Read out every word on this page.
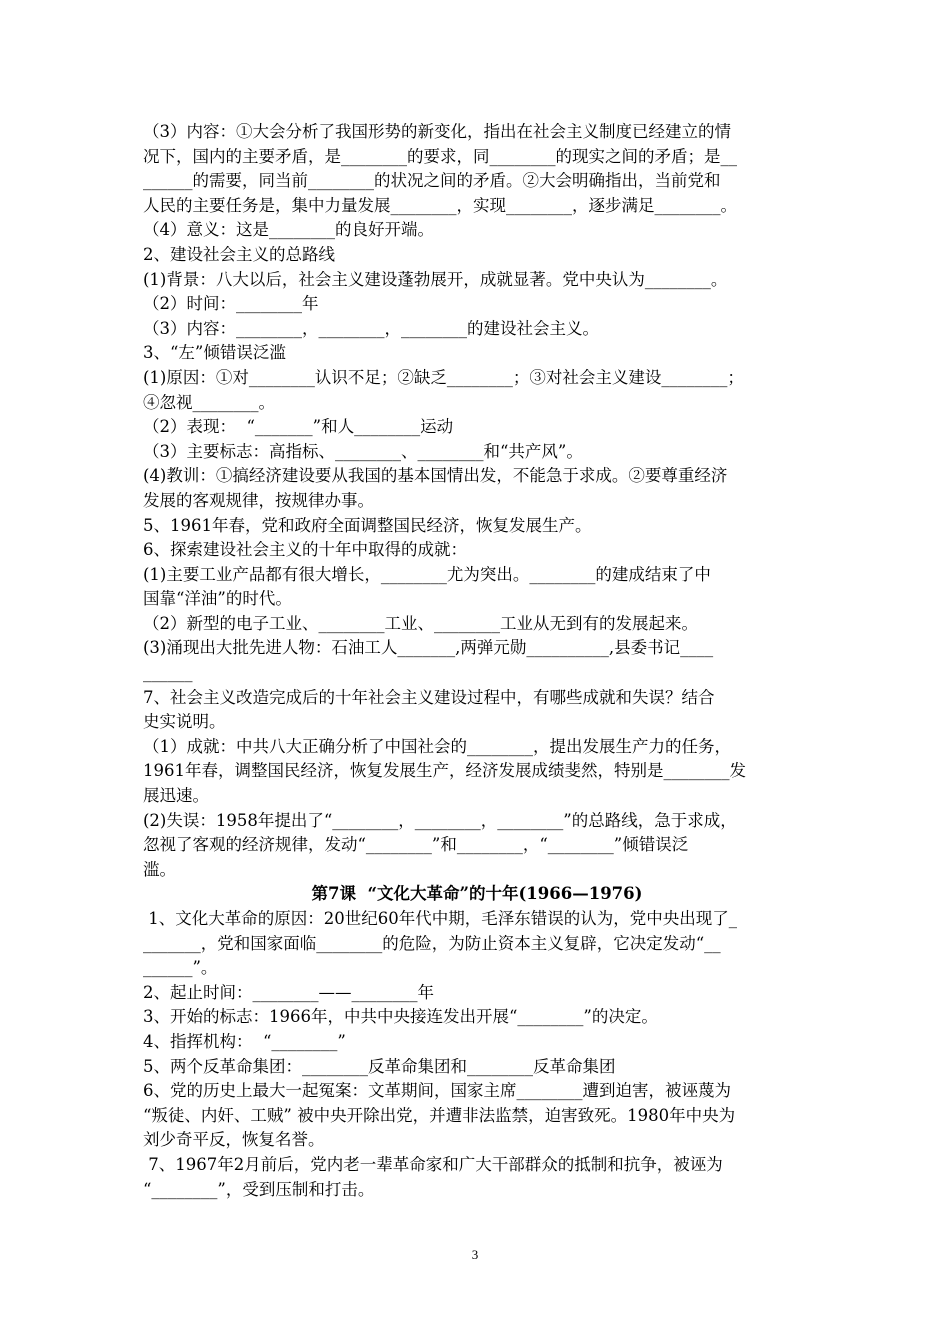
（3）内容：①大会分析了我国形势的新变化，指出在社会主义制度已经建立的情
况下，国内的主要矛盾，是________的要求，同________的现实之间的矛盾；是__
______的需要，同当前________的状况之间的矛盾。②大会明确指出，当前党和
人民的主要任务是，集中力量发展________，实现________，逐步满足________。
（4）意义：这是________的良好开端。
2、建设社会主义的总路线
(1)背景：八大以后，社会主义建设蓬勃展开，成就显著。党中央认为________。
（2）时间：________年
（3）内容：________，________，________的建设社会主义。
3、“左”倾错误泛滥
(1)原因：①对________认识不足；②缺乏________；③对社会主义建设________；
④忽视________。
（2）表现：  “_______”和人________运动
（3）主要标志：高指标、________、________和“共产风”。
(4)教训：①搞经济建设要从我国的基本国情出发，不能急于求成。②要尊重经济
发展的客观规律，按规律办事。
5、1961年春，党和政府全面调整国民经济，恢复发展生产。
6、探索建设社会主义的十年中取得的成就：
(1)主要工业产品都有很大增长，________尤为突出。________的建成结束了中
国靠“洋油”的时代。
（2）新型的电子工业、________工业、________工业从无到有的发展起来。
(3)涌现出大批先进人物：石油工人_______,两弹元勋__________,县委书记____
______
7、社会主义改造完成后的十年社会主义建设过程中，有哪些成就和失误？结合
史实说明。
（1）成就：中共八大正确分析了中国社会的________，提出发展生产力的任务，
1961年春，调整国民经济，恢复发展生产，经济发展成绩斐然，特别是________发
展迅速。
(2)失误：1958年提出了“________，________，________”的总路线，急于求成，
忽视了客观的经济规律，发动“________”和________，“________”倾错误泛
滥。
第7课  “文化大革命”的十年(1966—1976)
1、文化大革命的原因：20世纪60年代中期，毛泽东错误的认为，党中央出现了_
_______，党和国家面临________的危险，为防止资本主义复辟，它决定发动“__
______”。
2、起止时间：________——________年
3、开始的标志：1966年，中共中央接连发出开展“________”的决定。
4、指挥机构：  “________”
5、两个反革命集团：________反革命集团和________反革命集团
6、党的历史上最大一起冤案：文革期间，国家主席________遭到迫害，被诬蔑为
“叛徒、内奸、工贼” 被中央开除出党，并遭非法监禁，迫害致死。1980年中央为
刘少奇平反，恢复名誉。
7、1967年2月前后，党内老一辈革命家和广大干部群众的抵制和抗争，被诬为
“________”，受到压制和打击。
3
